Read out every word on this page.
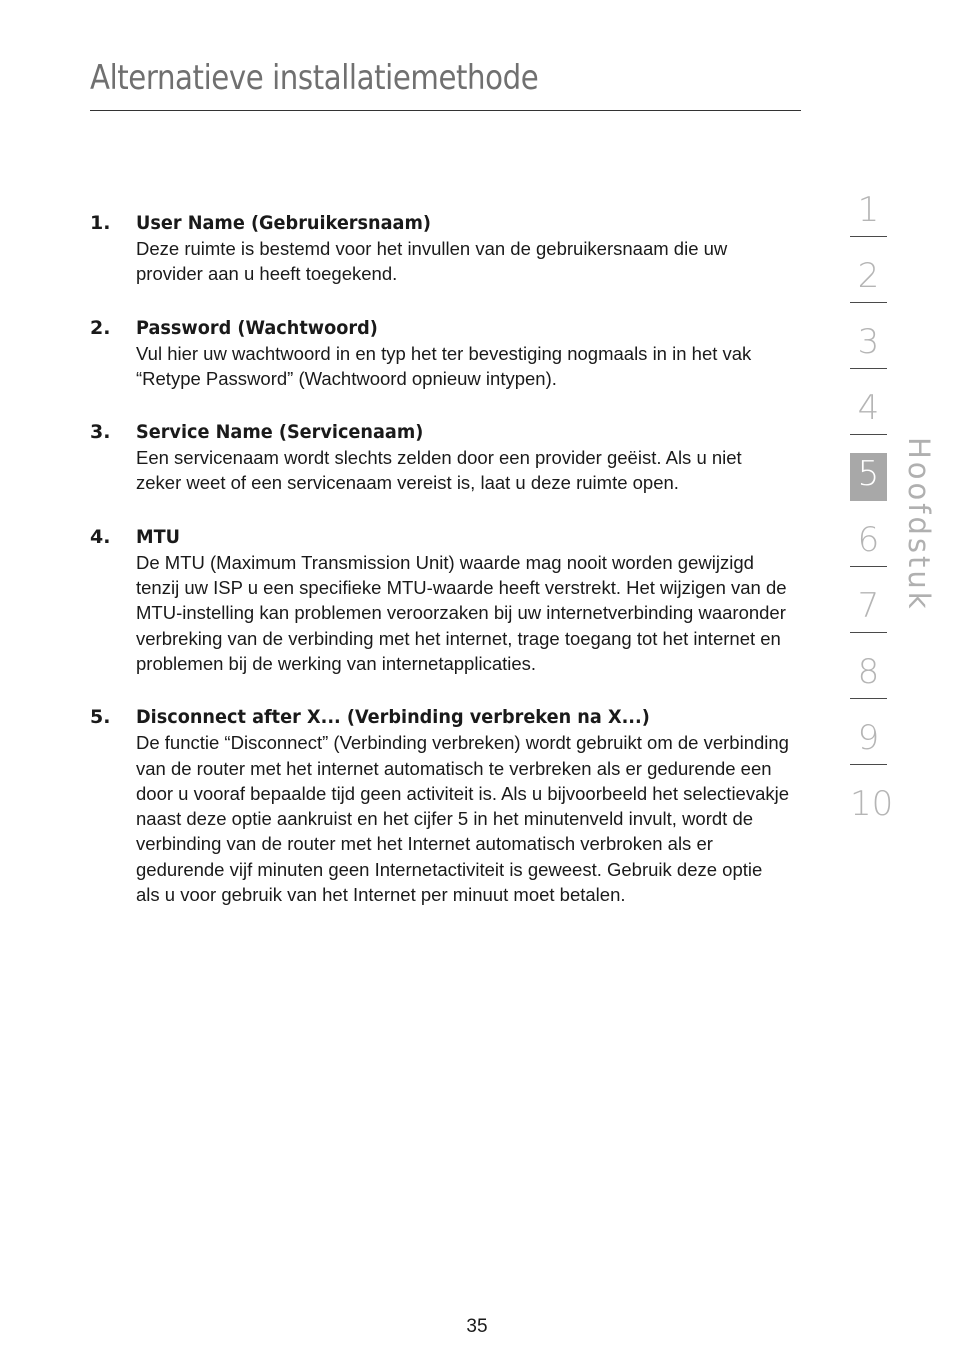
Alternatieve installatiemethode
1. User Name (Gebruikersnaam)
Deze ruimte is bestemd voor het invullen van de gebruikersnaam die uw provider aan u heeft toegekend.
2. Password (Wachtwoord)
Vul hier uw wachtwoord in en typ het ter bevestiging nogmaals in in het vak “Retype Password” (Wachtwoord opnieuw intypen).
3. Service Name (Servicenaam)
Een servicenaam wordt slechts zelden door een provider geëist. Als u niet zeker weet of een servicenaam vereist is, laat u deze ruimte open.
4. MTU
De MTU (Maximum Transmission Unit) waarde mag nooit worden gewijzigd tenzij uw ISP u een specifieke MTU-waarde heeft verstrekt. Het wijzigen van de MTU-instelling kan problemen veroorzaken bij uw internetverbinding waaronder verbreking van de verbinding met het internet, trage toegang tot het internet en problemen bij de werking van internetapplicaties.
5. Disconnect after X... (Verbinding verbreken na X...)
De functie “Disconnect” (Verbinding verbreken) wordt gebruikt om de verbinding van de router met het internet automatisch te verbreken als er gedurende een door u vooraf bepaalde tijd geen activiteit is. Als u bijvoorbeeld het selectievakje naast deze optie aankruist en het cijfer 5 in het minutenveld invult, wordt de verbinding van de router met het Internet automatisch verbroken als er gedurende vijf minuten geen Internetactiviteit is geweest. Gebruik deze optie als u voor gebruik van het Internet per minuut moet betalen.
1
2
3
4
5
6
7
8
9
10
Hoofdstuk
35
